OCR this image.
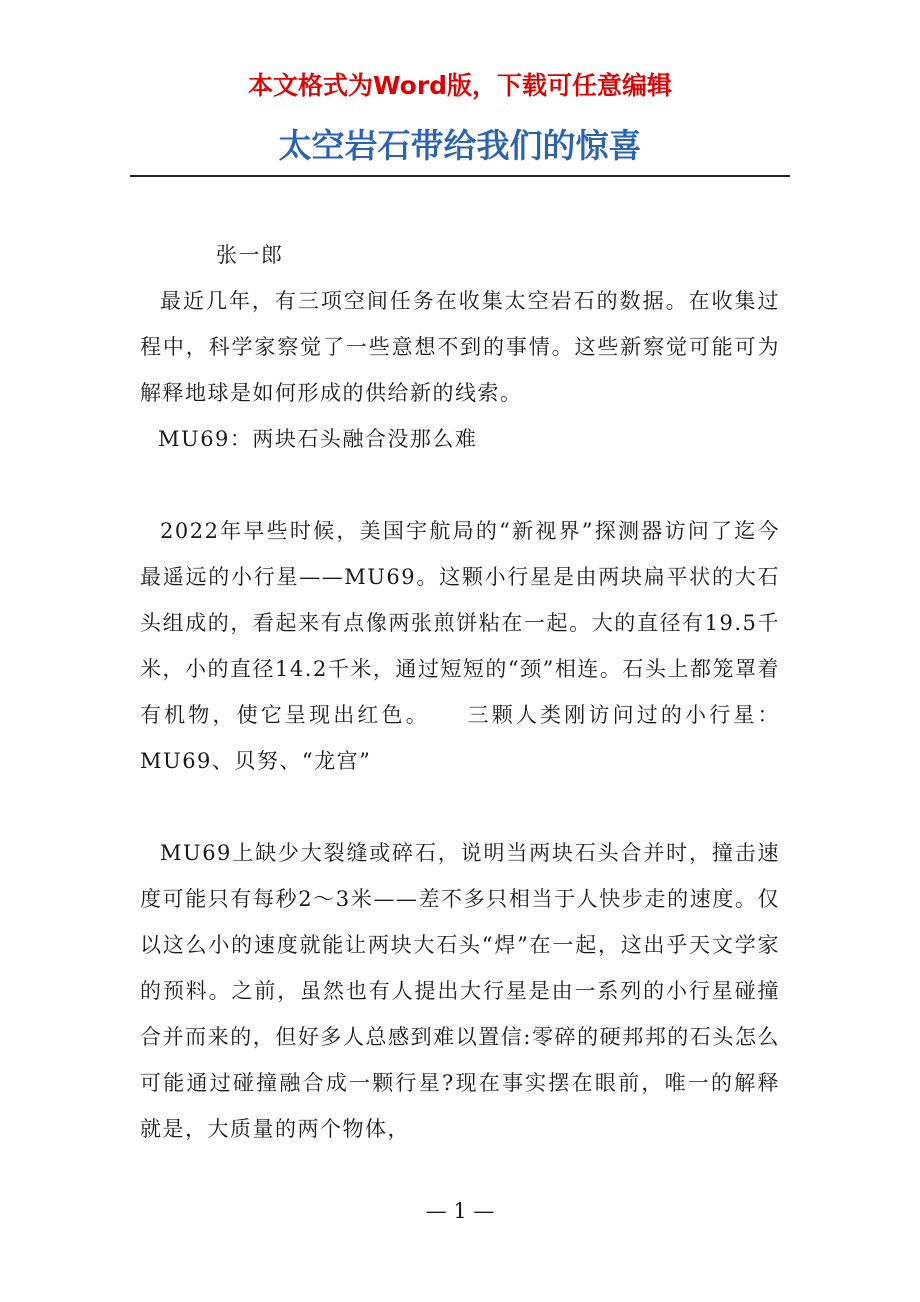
本文格式为Word版，下载可任意编辑
太空岩石带给我们的惊喜

张一郎

最近几年，有三项空间任务在收集太空岩石的数据。在收集过程中，科学家察觉了一些意想不到的事情。这些新察觉可能可为解释地球是如何形成的供给新的线索。

MU69：两块石头融合没那么难

2022年早些时候，美国宇航局的“新视界”探测器访问了迄今最遥远的小行星——MU69。这颗小行星是由两块扁平状的大石头组成的，看起来有点像两张煎饼粘在一起。大的直径有19.5千米，小的直径14.2千米，通过短短的“颈”相连。石头上都笼罩着有机物，使它呈现出红色。　　三颗人类刚访问过的小行星：MU69、贝努、“龙宫”

MU69上缺少大裂缝或碎石，说明当两块石头合并时，撞击速度可能只有每秒2～3米——差不多只相当于人快步走的速度。仅以这么小的速度就能让两块大石头“焊”在一起，这出乎天文学家的预料。之前，虽然也有人提出大行星是由一系列的小行星碰撞合并而来的，但好多人总感到难以置信:零碎的硬邦邦的石头怎么可能通过碰撞融合成一颗行星?现在事实摆在眼前，唯一的解释就是，大质量的两个物体，

— 1 —
